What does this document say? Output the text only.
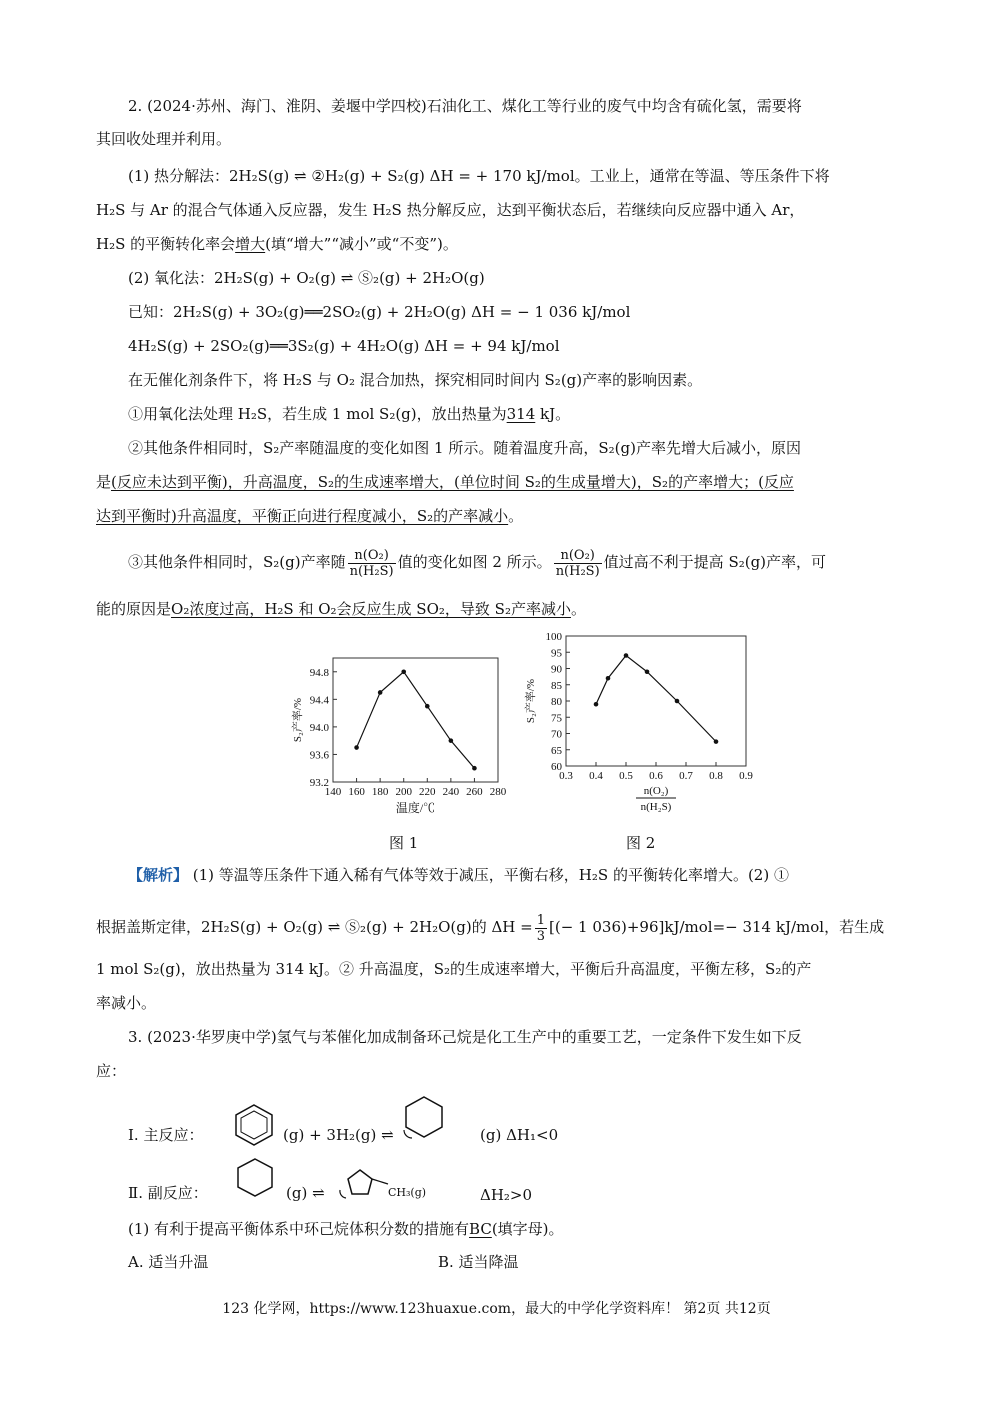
2. (2024·苏州、海门、淮阴、姜堰中学四校)石油化工、煤化工等行业的废气中均含有硫化氢，需要将
其回收处理并利用。
(1) 热分解法：2H₂S(g) ⇌ ②H₂(g) + S₂(g) ΔH = + 170 kJ/mol。工业上，通常在等温、等压条件下将
H₂S 与 Ar 的混合气体通入反应器，发生 H₂S 热分解反应，达到平衡状态后，若继续向反应器中通入 Ar，
H₂S 的平衡转化率会增大(填“增大”“减小”或“不变”)。
(2) 氧化法：2H₂S(g) + O₂(g) ⇌ Ⓢ₂(g) + 2H₂O(g)
已知：2H₂S(g) + 3O₂(g)══2SO₂(g) + 2H₂O(g) ΔH = − 1 036 kJ/mol
4H₂S(g) + 2SO₂(g)══3S₂(g) + 4H₂O(g) ΔH = + 94 kJ/mol
在无催化剂条件下，将 H₂S 与 O₂ 混合加热，探究相同时间内 S₂(g)产率的影响因素。
①用氧化法处理 H₂S，若生成 1 mol S₂(g)，放出热量为314 kJ。
②其他条件相同时，S₂产率随温度的变化如图 1 所示。随着温度升高，S₂(g)产率先增大后减小，原因
是(反应未达到平衡)，升高温度，S₂的生成速率增大，(单位时间 S₂的生成量增大)，S₂的产率增大；(反应
达到平衡时)升高温度，平衡正向进行程度减小，S₂的产率减小。
③其他条件相同时，S₂(g)产率随 $\frac{\text{n(O₂)}}{\text{n(H₂S)}}$ 值的变化如图 2 所示。 $\frac{\text{n(O₂)}}{\text{n(H₂S)}}$ 值过高不利于提高 S₂(g)产率，可
能的原因是O₂浓度过高，H₂S 和 O₂会反应生成 SO₂，导致 S₂产率减小。
140 160 180 200 220 240 260 280
93.2
93.6
94.0
94.4
94.8
S₂产率/%
温度/℃
图 1
0.3 0.4 0.5 0.6 0.7 0.8 0.9
60
65
70
75
80
85
90
95
100
S₂产率/%
n(O₂)
n(H₂S)
图 2
【解析】 (1) 等温等压条件下通入稀有气体等效于减压，平衡右移，H₂S 的平衡转化率增大。(2) ①
根据盖斯定律，2H₂S(g) + O₂(g) ⇌ Ⓢ₂(g) + 2H₂O(g)的 $\Delta H = \frac{1}{3}$ [(− 1 036)+96]kJ/mol=− 314 kJ/mol，若生成
1 mol S₂(g)，放出热量为 314 kJ。② 升高温度，S₂的生成速率增大，平衡后升高温度，平衡左移，S₂的产
率减小。
3. (2023·华罗庚中学)氢气与苯催化加成制备环己烷是化工生产中的重要工艺，一定条件下发生如下反
应：
Ⅰ. 主反应：	(g) + 3H₂(g) ⇌	(g) ΔH₁<0
Ⅱ. 副反应：	(g) ⇌	CH₃(g)	ΔH₂>0
(1) 有利于提高平衡体系中环己烷体积分数的措施有BC(填字母)。
A. 适当升温	B. 适当降温
123 化学网，https://www.123huaxue.com，最大的中学化学资料库！ 第2页 共12页
